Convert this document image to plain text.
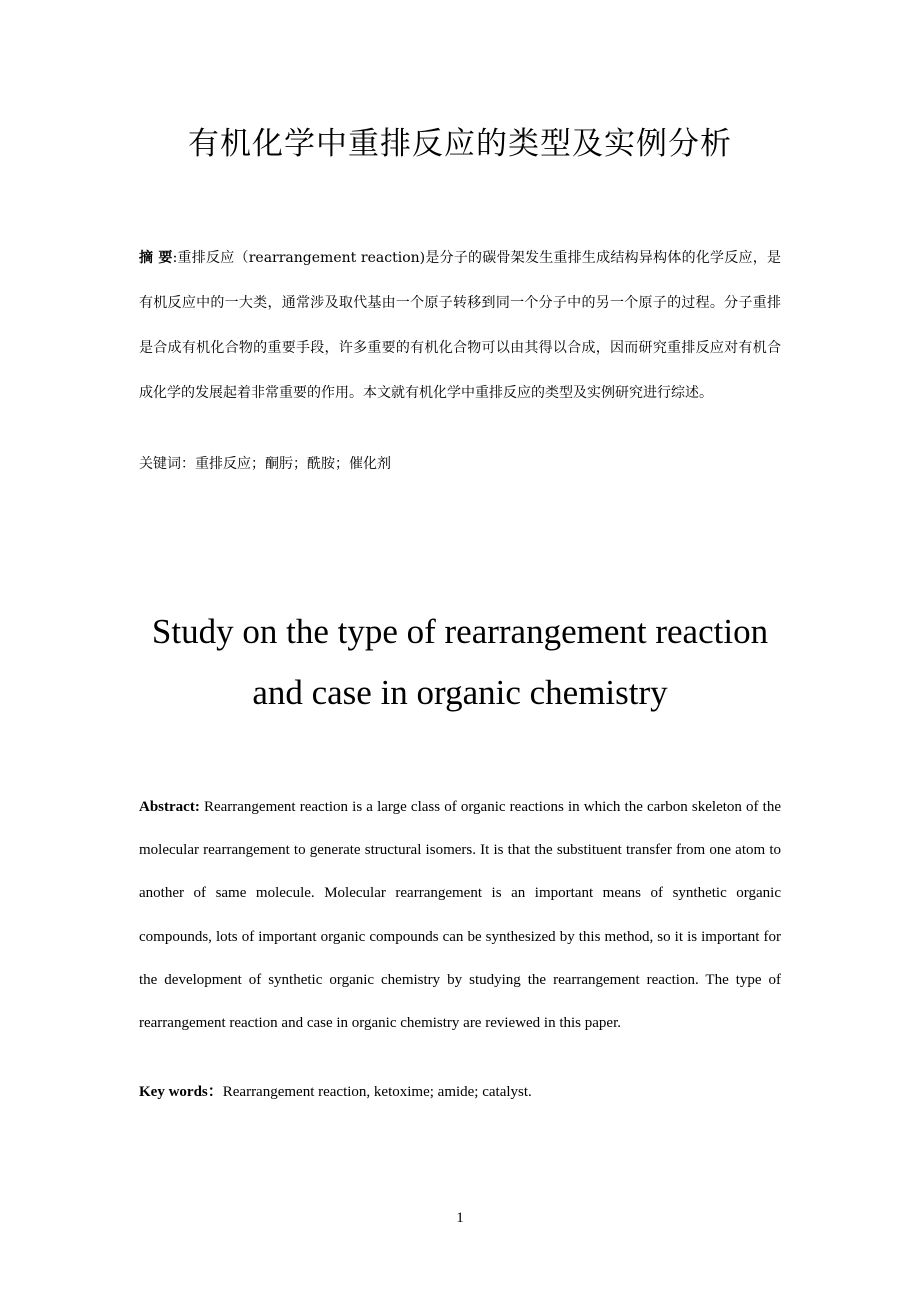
有机化学中重排反应的类型及实例分析

摘 要:重排反应（rearrangement reaction)是分子的碳骨架发生重排生成结构异构体的化学反应，是有机反应中的一大类，通常涉及取代基由一个原子转移到同一个分子中的另一个原子的过程。分子重排是合成有机化合物的重要手段，许多重要的有机化合物可以由其得以合成，因而研究重排反应对有机合成化学的发展起着非常重要的作用。本文就有机化学中重排反应的类型及实例研究进行综述。

关键词：重排反应；酮肟；酰胺；催化剂

Study on the type of rearrangement reaction
and case in organic chemistry

Abstract: Rearrangement reaction is a large class of organic reactions in which the carbon skeleton of the molecular rearrangement to generate structural isomers. It is that the substituent transfer from one atom to another of same molecule. Molecular rearrangement is an important means of synthetic organic compounds, lots of important organic compounds can be synthesized by this method, so it is important for the development of synthetic organic chemistry by studying the rearrangement reaction. The type of rearrangement reaction and case in organic chemistry are reviewed in this paper.

Key words：Rearrangement reaction, ketoxime; amide; catalyst.

1
